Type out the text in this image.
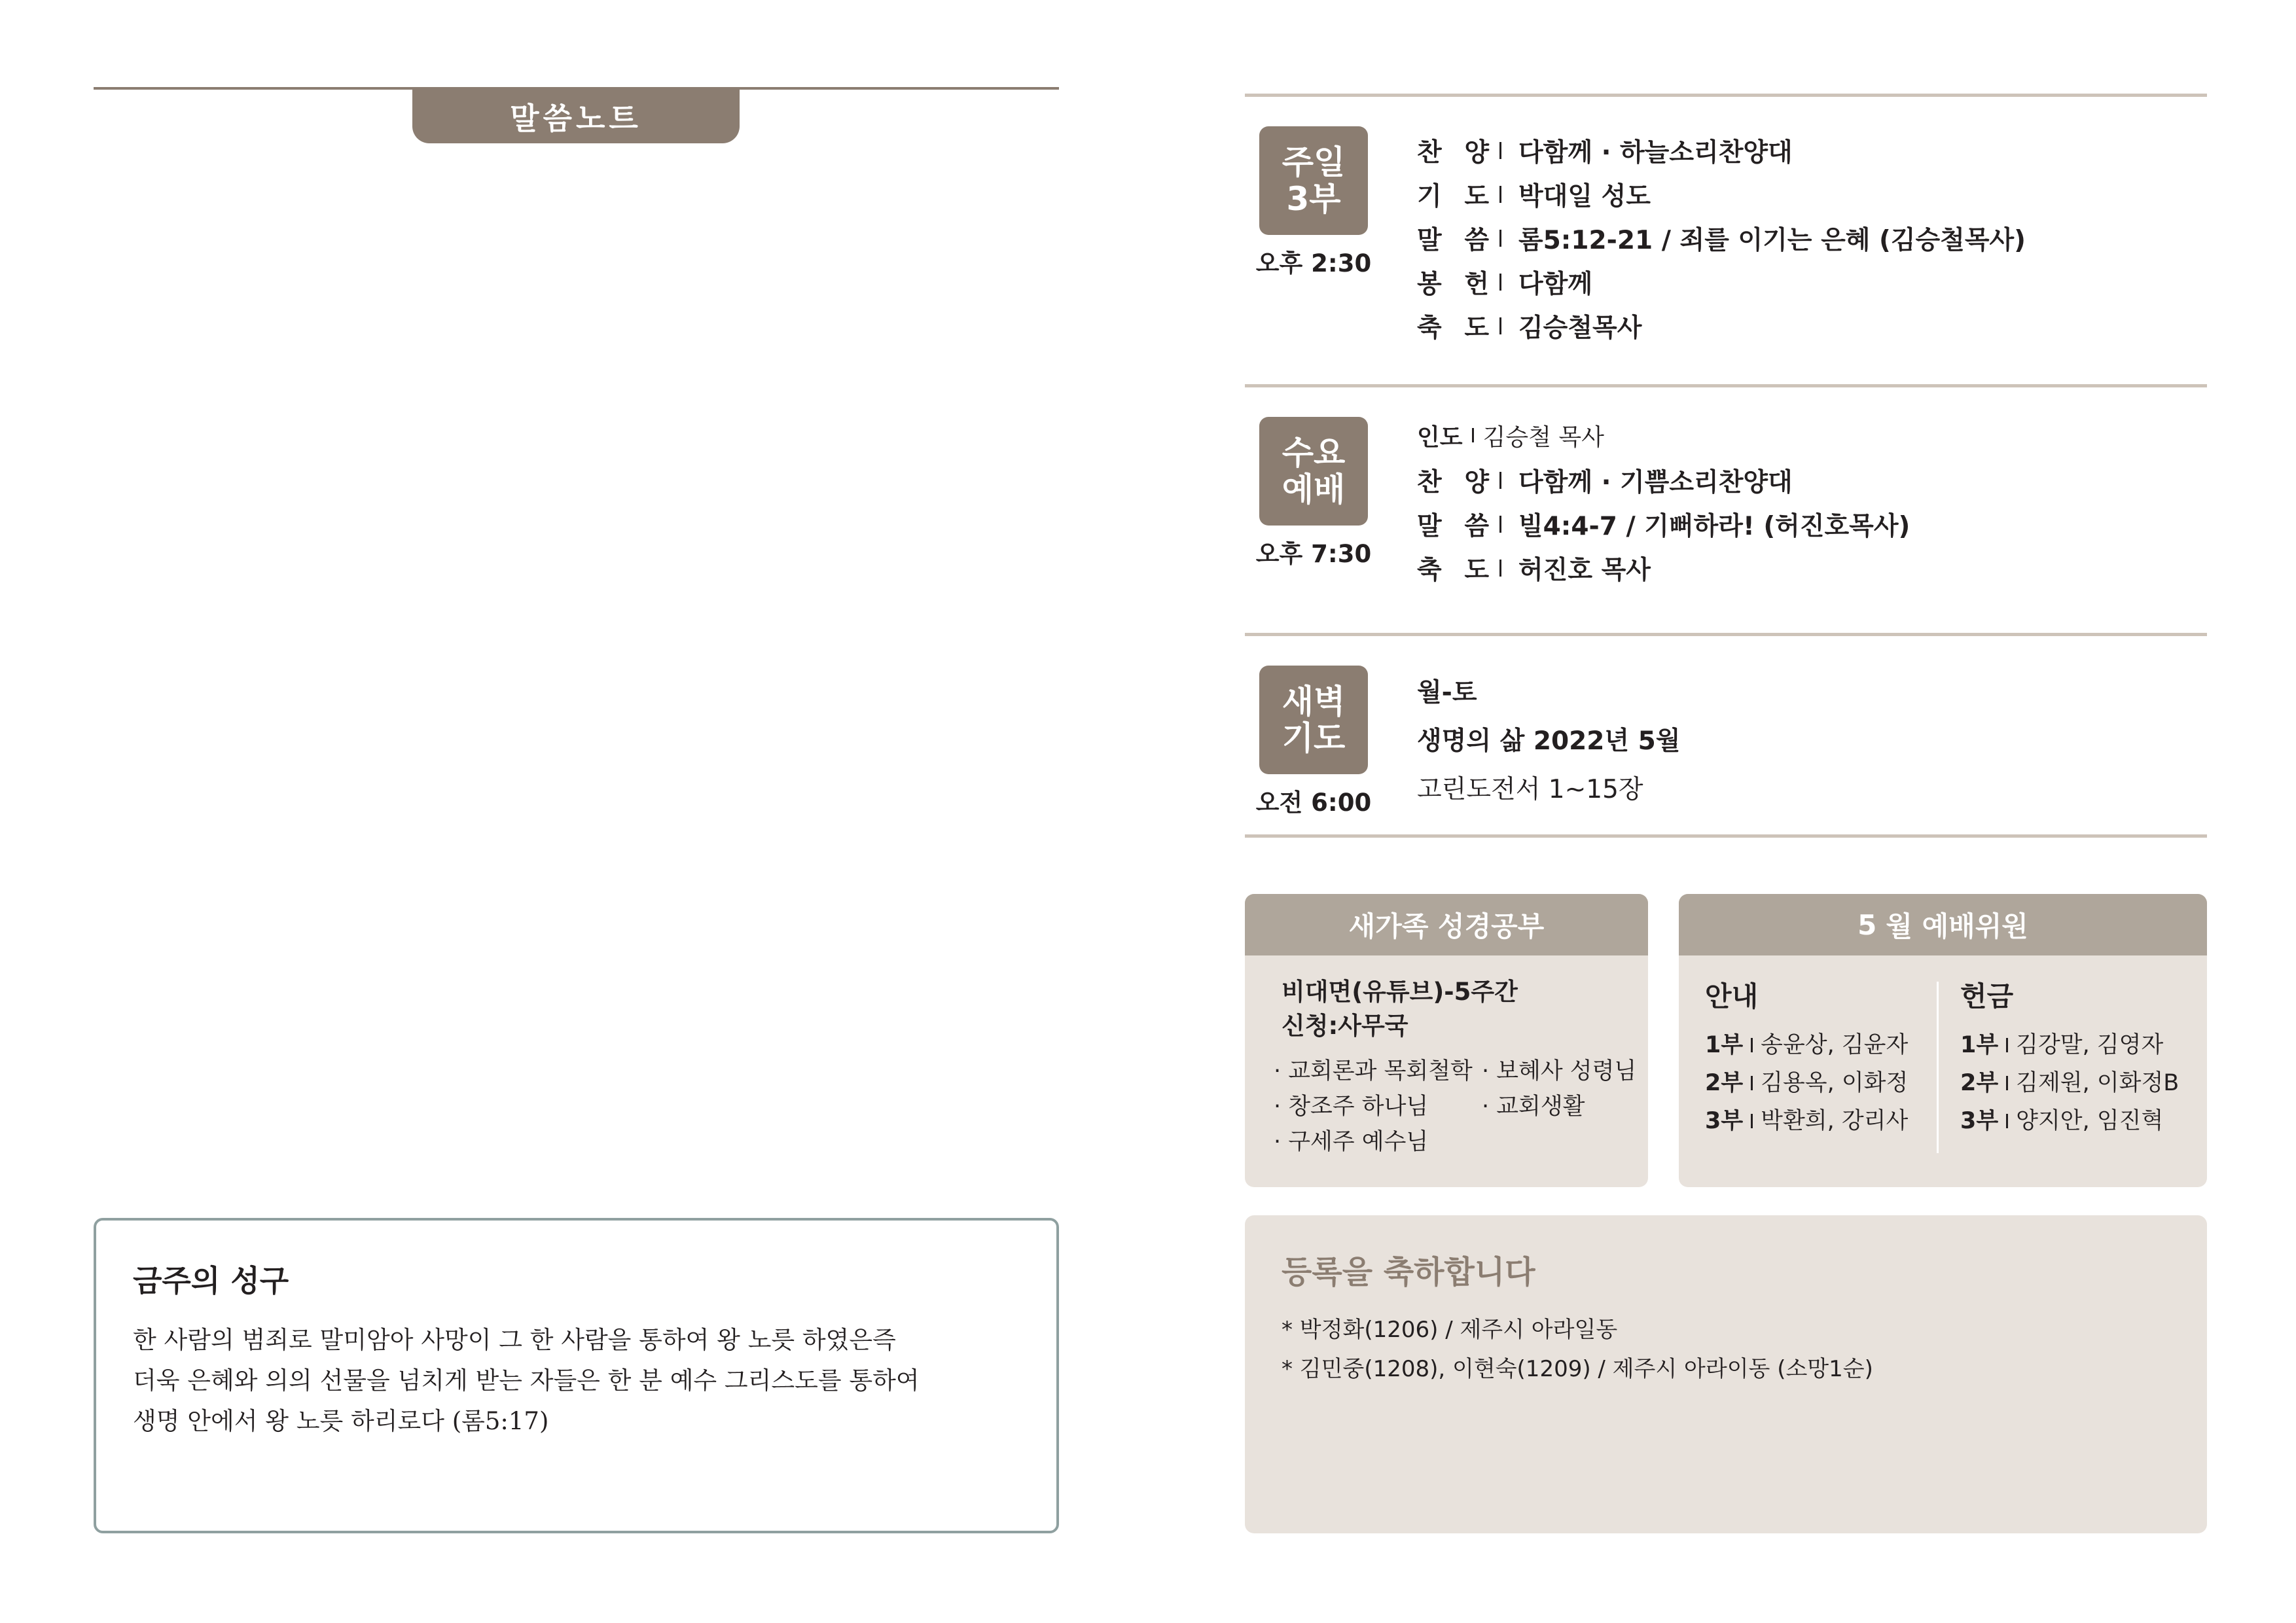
말씀노트
금주의 성구
한 사람의 범죄로 말미암아 사망이 그 한 사람을 통하여 왕 노릇 하였은즉
더욱 은혜와 의의 선물을 넘치게 받는 자들은 한 분 예수 그리스도를 통하여
생명 안에서 왕 노릇 하리로다 (롬5:17)
주일
3부
오후 2:30
찬 양 다함께 · 하늘소리찬양대
기 도 박대일 성도
말 씀 롬5:12-21 / 죄를 이기는 은혜 (김승철목사)
봉 헌 다함께
축 도 김승철목사
수요
예배
오후 7:30
인도 김승철 목사
찬 양 다함께 · 기쁨소리찬양대
말 씀 빌4:4-7 / 기뻐하라! (허진호목사)
축 도 허진호 목사
새벽
기도
오전 6:00
월-토
생명의 삶 2022년 5월
고린도전서 1~15장
새가족 성경공부
비대면(유튜브)-5주간
신청:사무국
· 교회론과 목회철학 · 보혜사 성령님
· 창조주 하나님	· 교회생활
· 구세주 예수님
5 월 예배위원
안내
1부 송윤상, 김윤자
2부 김용옥, 이화정
3부 박환희, 강리사
헌금
1부 김강말, 김영자
2부 김제원, 이화정B
3부 양지안, 임진혁
등록을 축하합니다
* 박정화(1206) / 제주시 아라일동
* 김민중(1208), 이현숙(1209) / 제주시 아라이동 (소망1순)
